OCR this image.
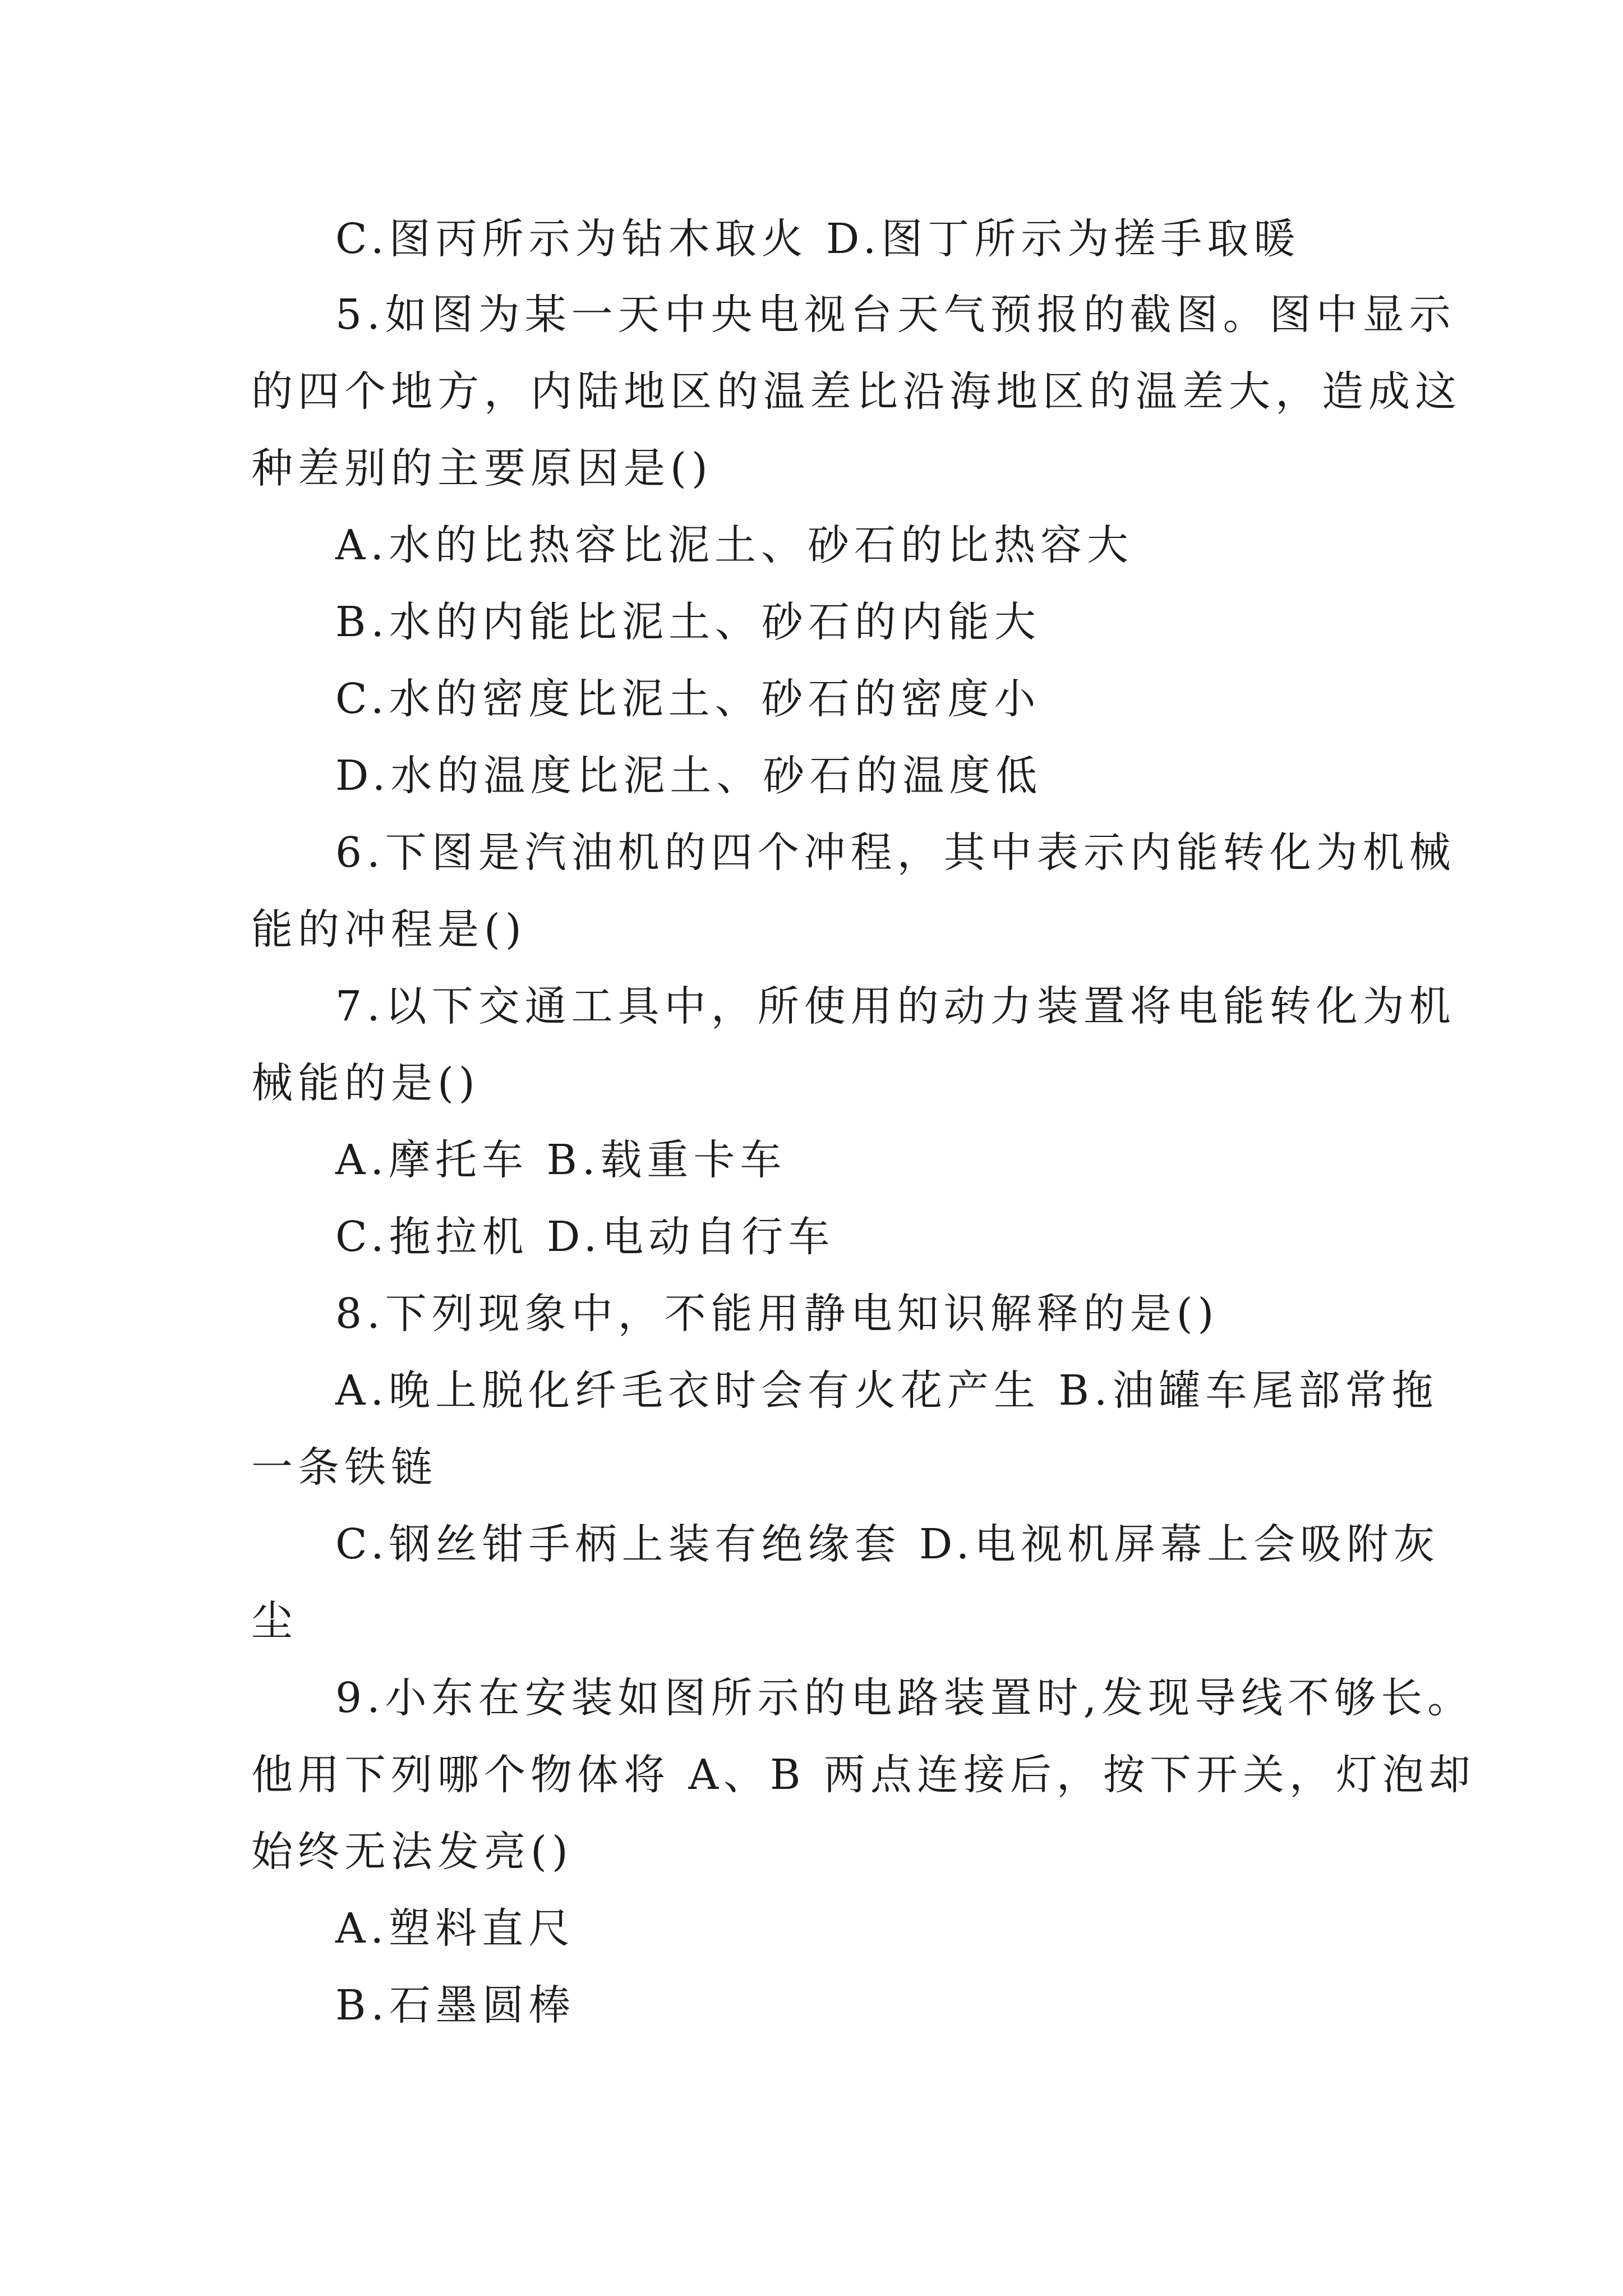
C.图丙所示为钻木取火 D.图丁所示为搓手取暖
5.如图为某一天中央电视台天气预报的截图。图中显示
的四个地方，内陆地区的温差比沿海地区的温差大，造成这
种差别的主要原因是()
A.水的比热容比泥土、砂石的比热容大
B.水的内能比泥土、砂石的内能大
C.水的密度比泥土、砂石的密度小
D.水的温度比泥土、砂石的温度低
6.下图是汽油机的四个冲程，其中表示内能转化为机械
能的冲程是()
7.以下交通工具中，所使用的动力装置将电能转化为机
械能的是()
A.摩托车 B.载重卡车
C.拖拉机 D.电动自行车
8.下列现象中，不能用静电知识解释的是()
A.晚上脱化纤毛衣时会有火花产生 B.油罐车尾部常拖
一条铁链
C.钢丝钳手柄上装有绝缘套 D.电视机屏幕上会吸附灰
尘
9.小东在安装如图所示的电路装置时,发现导线不够长。
他用下列哪个物体将 A、B 两点连接后，按下开关，灯泡却
始终无法发亮()
A.塑料直尺
B.石墨圆棒
